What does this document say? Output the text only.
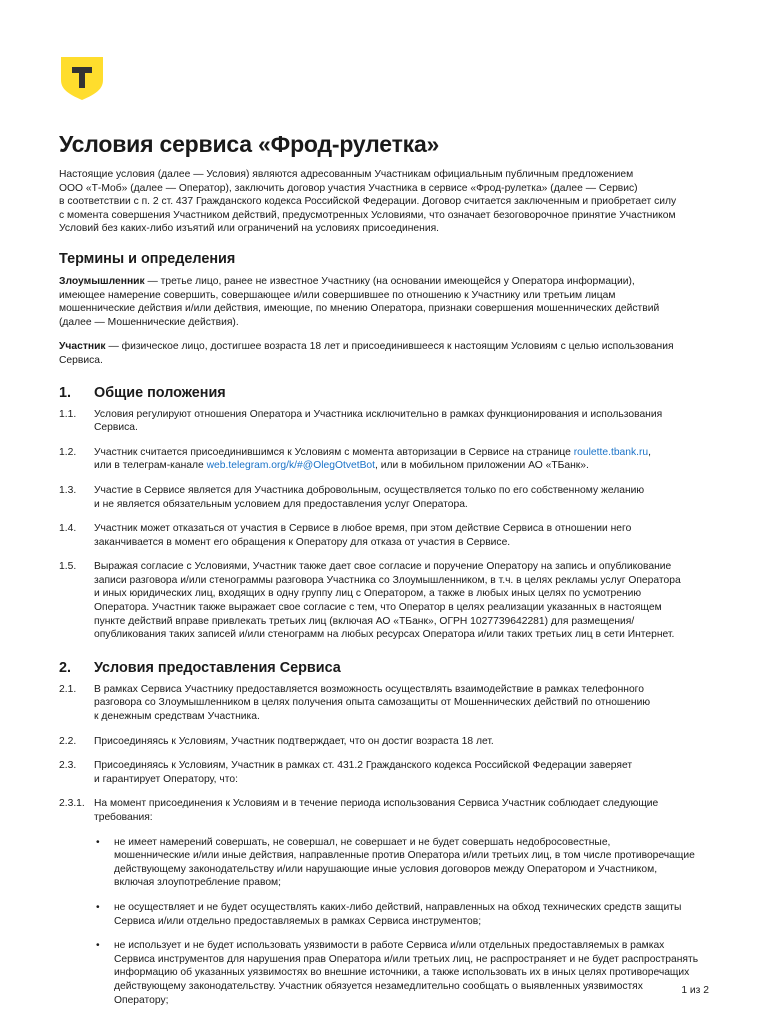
Условия сервиса «Фрод-рулетка»

Настоящие условия (далее — Условия) являются адресованным Участникам официальным публичным предложением

ООО «Т-Моб» (далее — Оператор), заключить договор участия Участника в сервисе «Фрод-рулетка» (далее — Сервис)

в соответствии с п. 2 ст. 437 Гражданского кодекса Российской Федерации. Договор считается заключенным и приобретает силу

с момента совершения Участником действий, предусмотренных Условиями, что означает безоговорочное принятие Участником

Условий без каких-либо изъятий или ограничений на условиях присоединения.

Термины и определения

Злоумышленник — третье лицо, ранее не известное Участнику (на основании имеющейся у Оператора информации),

имеющее намерение совершить, совершающее и/или совершившее по отношению к Участнику или третьим лицам

мошеннические действия и/или действия, имеющие, по мнению Оператора, признаки совершения мошеннических действий

(далее — Мошеннические действия).

Участник — физическое лицо, достигшее возраста 18 лет и присоединившееся к настоящим Условиям с целью использования

Сервиса.

1.	Общие положения
1.1.	Условия регулируют отношения Оператора и Участника исключительно в рамках функционирования и использования

Сервиса.

1.2.	Участник считается присоединившимся к Условиям с момента авторизации в Сервисе на странице roulette.tbank.ru,

или в телеграм-канале web.telegram.org/k/#@OlegOtvetBot, или в мобильном приложении АО «ТБанк».

1.3.	Участие в Сервисе является для Участника добровольным, осуществляется только по его собственному желанию

и не является обязательным условием для предоставления услуг Оператора.

1.4.	Участник может отказаться от участия в Сервисе в любое время, при этом действие Сервиса в отношении него

заканчивается в момент его обращения к Оператору для отказа от участия в Сервисе.

1.5.	Выражая согласие с Условиями, Участник также дает свое согласие и поручение Оператору на запись и опубликование

записи разговора и/или стенограммы разговора Участника со Злоумышленником, в т.ч. в целях рекламы услуг Оператора

и иных юридических лиц, входящих в одну группу лиц с Оператором, а также в любых иных целях по усмотрению

Оператора. Участник также выражает свое согласие с тем, что Оператор в целях реализации указанных в настоящем

пункте действий вправе привлекать третьих лиц (включая АО «ТБанк», ОГРН 1027739642281) для размещения/

опубликования таких записей и/или стенограмм на любых ресурсах Оператора и/или таких третьих лиц в сети Интернет.

2.	Условия предоставления Сервиса
2.1.	В рамках Сервиса Участнику предоставляется возможность осуществлять взаимодействие в рамках телефонного

разговора со Злоумышленником в целях получения опыта самозащиты от Мошеннических действий по отношению

к денежным средствам Участника.

2.2.	Присоединяясь к Условиям, Участник подтверждает, что он достиг возраста 18 лет.

2.3.	Присоединяясь к Условиям, Участник в рамках ст. 431.2 Гражданского кодекса Российской Федерации заверяет

и гарантирует Оператору, что:

2.3.1. На момент присоединения к Условиям и в течение периода использования Сервиса Участник соблюдает следующие

требования:

•	не имеет намерений совершать, не совершал, не совершает и не будет совершать недобросовестные,

мошеннические и/или иные действия, направленные против Оператора и/или третьих лиц, в том числе противоречащие

действующему законодательству и/или нарушающие иные условия договоров между Оператором и Участником,

включая злоупотребление правом;

•	не осуществляет и не будет осуществлять каких-либо действий, направленных на обход технических средств защиты

Сервиса и/или отдельно предоставляемых в рамках Сервиса инструментов;

•	не использует и не будет использовать уязвимости в работе Сервиса и/или отдельных предоставляемых в рамках

Сервиса инструментов для нарушения прав Оператора и/или третьих лиц, не распространяет и не будет распространять

информацию об указанных уязвимостях во внешние источники, а также использовать их в иных целях противоречащих

действующему законодательству. Участник обязуется незамедлительно сообщать о выявленных уязвимостях

Оператору;

1 из 2
